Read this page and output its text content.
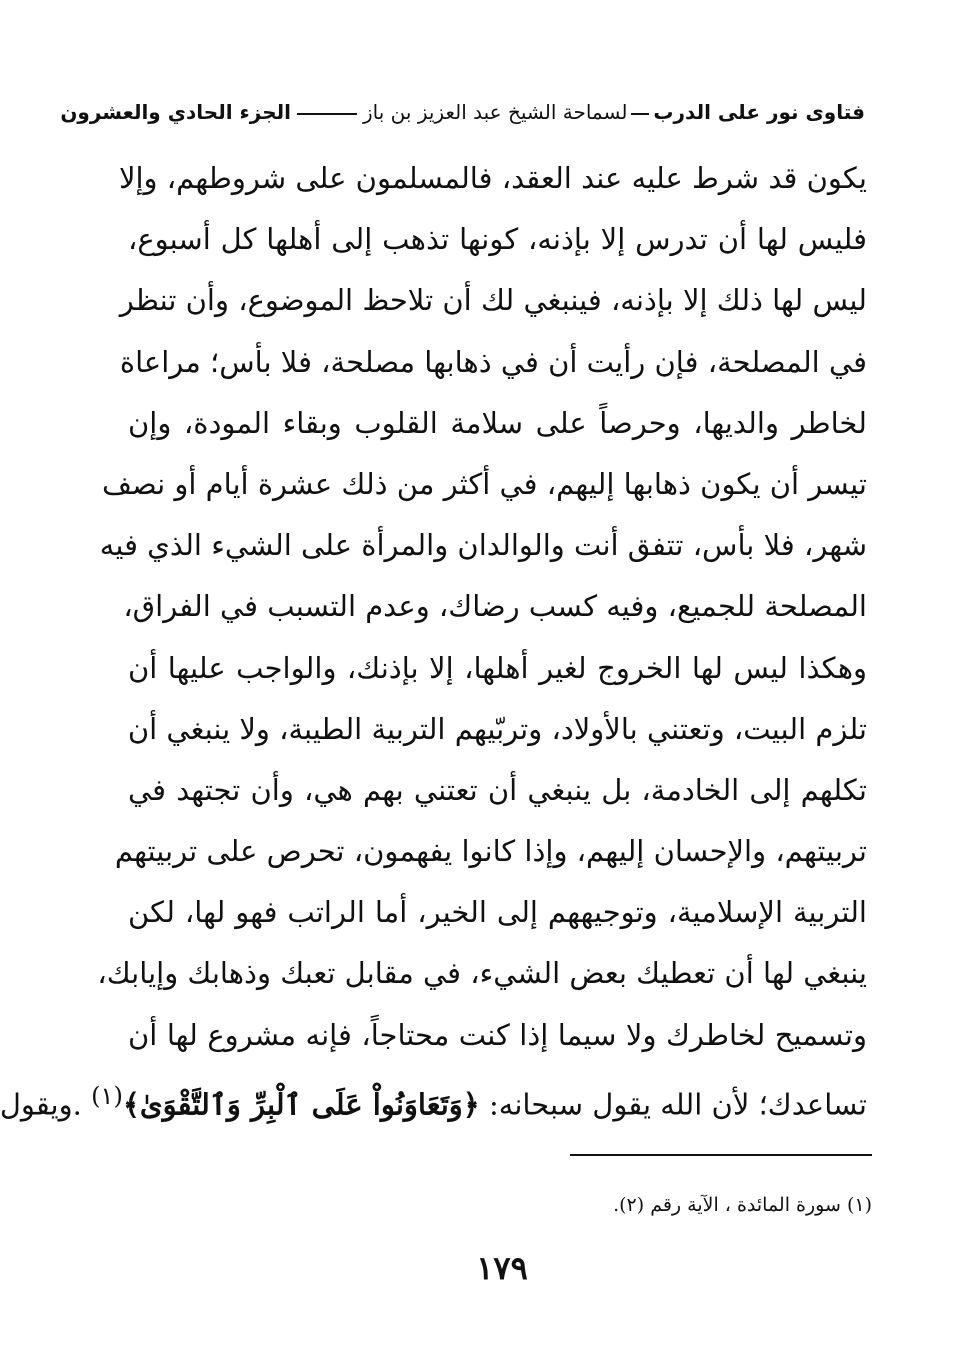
فتاوى نور على الدربلسماحة الشيخ عبد العزيز بن بازالجزء الحادي والعشرون
يكون قد شرط عليه عند العقد، فالمسلمون على شروطهم، وإلا
فليس لها أن تدرس إلا بإذنه، كونها تذهب إلى أهلها كل أسبوع،
ليس لها ذلك إلا بإذنه، فينبغي لك أن تلاحظ الموضوع، وأن تنظر
في المصلحة، فإن رأيت أن في ذهابها مصلحة، فلا بأس؛ مراعاة
لخاطر والديها، وحرصاً على سلامة القلوب وبقاء المودة، وإن
تيسر أن يكون ذهابها إليهم، في أكثر من ذلك عشرة أيام أو نصف
شهر، فلا بأس، تتفق أنت والوالدان والمرأة على الشيء الذي فيه
المصلحة للجميع، وفيه كسب رضاك، وعدم التسبب في الفراق،
وهكذا ليس لها الخروج لغير أهلها، إلا بإذنك، والواجب عليها أن
تلزم البيت، وتعتني بالأولاد، وتربّيهم التربية الطيبة، ولا ينبغي أن
تكلهم إلى الخادمة، بل ينبغي أن تعتني بهم هي، وأن تجتهد في
تربيتهم، والإحسان إليهم، وإذا كانوا يفهمون، تحرص على تربيتهم
التربية الإسلامية، وتوجيههم إلى الخير، أما الراتب فهو لها، لكن
ينبغي لها أن تعطيك بعض الشيء، في مقابل تعبك وذهابك وإيابك،
وتسميح لخاطرك ولا سيما إذا كنت محتاجاً، فإنه مشروع لها أن
تساعدك؛ لأن الله يقول سبحانه: ﴿وَتَعَاوَنُواْ عَلَى ٱلْبِرِّ وَٱلتَّقْوَىٰ﴾$^{(١)}$ .ويقول
(١) سورة المائدة ، الآية رقم (٢).
١٧٩
